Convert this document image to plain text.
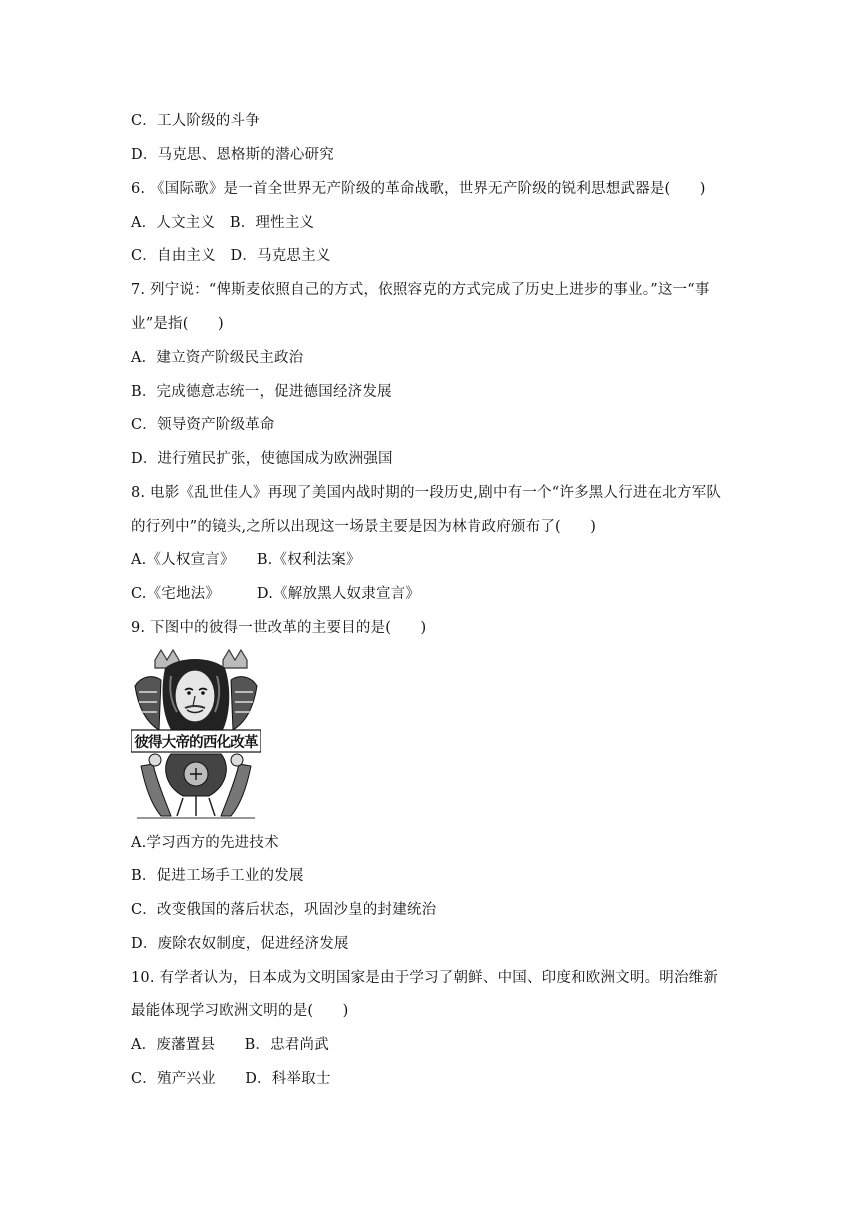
C．工人阶级的斗争
D．马克思、恩格斯的潜心研究
6. 《国际歌》是一首全世界无产阶级的革命战歌，世界无产阶级的锐利思想武器是(　　)
A．人文主义　B．理性主义
C．自由主义　D．马克思主义
7. 列宁说：“俾斯麦依照自己的方式，依照容克的方式完成了历史上进步的事业。”这一“事
业”是指(　　)
A．建立资产阶级民主政治
B．完成德意志统一，促进德国经济发展
C．领导资产阶级革命
D．进行殖民扩张，使德国成为欧洲强国
8. 电影《乱世佳人》再现了美国内战时期的一段历史,剧中有一个“许多黑人行进在北方军队
的行列中”的镜头,之所以出现这一场景主要是因为林肯政府颁布了(　　)
A.《人权宣言》　　B.《权利法案》
C.《宅地法》　　　D.《解放黑人奴隶宣言》
9. 下图中的彼得一世改革的主要目的是(　　)
彼得大帝的西化改革
A.学习西方的先进技术
B．促进工场手工业的发展
C．改变俄国的落后状态，巩固沙皇的封建统治
D．废除农奴制度，促进经济发展
10. 有学者认为，日本成为文明国家是由于学习了朝鲜、中国、印度和欧洲文明。明治维新
最能体现学习欧洲文明的是(　　)
A．废藩置县　　B．忠君尚武
C．殖产兴业　　D．科举取士
